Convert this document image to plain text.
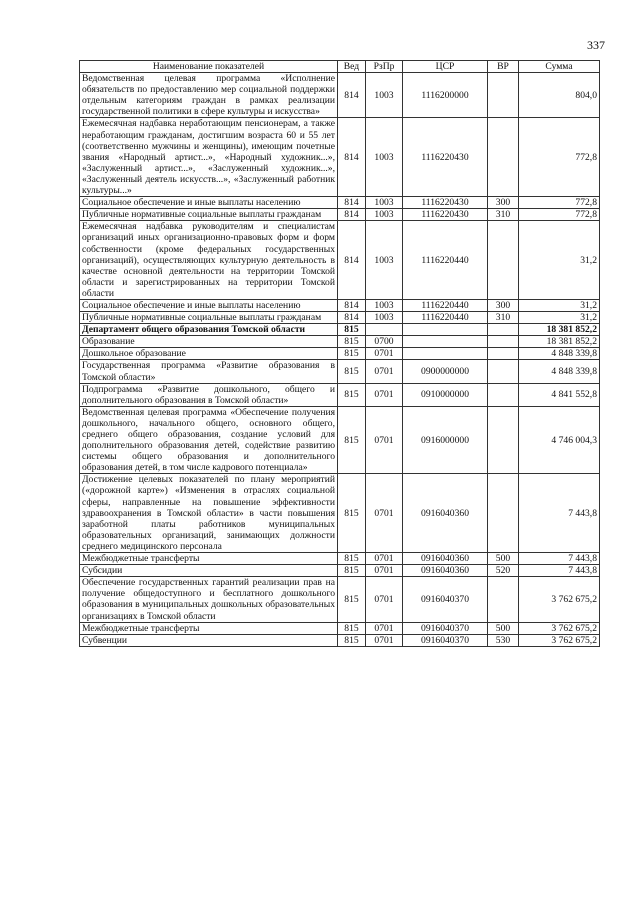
337
Наименование показателей	Вед	РзПр	ЦСР	ВР	Сумма
Ведомственная целевая программа «Исполнение обязательств по предоставлению мер социальной поддержки отдельным категориям граждан в рамках реализации государственной политики в сфере культуры и искусства»	814	1003	1116200000		804,0
Ежемесячная надбавка неработающим пенсионерам, а также неработающим гражданам, достигшим возраста 60 и 55 лет (соответственно мужчины и женщины), имеющим почетные звания «Народный артист...», «Народный художник...», «Заслуженный артист...», «Заслуженный художник...», «Заслуженный деятель искусств...», «Заслуженный работник культуры...»	814	1003	1116220430		772,8
Социальное обеспечение и иные выплаты населению	814	1003	1116220430	300	772,8
Публичные нормативные социальные выплаты гражданам	814	1003	1116220430	310	772,8
Ежемесячная надбавка руководителям и специалистам организаций иных организационно-правовых форм и форм собственности (кроме федеральных государственных организаций), осуществляющих культурную деятельность в качестве основной деятельности на территории Томской области и зарегистрированных на территории Томской области	814	1003	1116220440		31,2
Социальное обеспечение и иные выплаты населению	814	1003	1116220440	300	31,2
Публичные нормативные социальные выплаты гражданам	814	1003	1116220440	310	31,2
Департамент общего образования Томской области	815				18 381 852,2
Образование	815	0700			18 381 852,2
Дошкольное образование	815	0701			4 848 339,8
Государственная программа «Развитие образования в Томской области»	815	0701	0900000000		4 848 339,8
Подпрограмма «Развитие дошкольного, общего и дополнительного образования в Томской области»	815	0701	0910000000		4 841 552,8
Ведомственная целевая программа «Обеспечение получения дошкольного, начального общего, основного общего, среднего общего образования, создание условий для дополнительного образования детей, содействие развитию системы общего образования и дополнительного образования детей, в том числе кадрового потенциала»	815	0701	0916000000		4 746 004,3
Достижение целевых показателей по плану мероприятий («дорожной карте») «Изменения в отраслях социальной сферы, направленные на повышение эффективности здравоохранения в Томской области» в части повышения заработной платы работников муниципальных образовательных организаций, занимающих должности среднего медицинского персонала	815	0701	0916040360		7 443,8
Межбюджетные трансферты	815	0701	0916040360	500	7 443,8
Субсидии	815	0701	0916040360	520	7 443,8
Обеспечение государственных гарантий реализации прав на получение общедоступного и бесплатного дошкольного образования в муниципальных дошкольных образовательных организациях в Томской области	815	0701	0916040370		3 762 675,2
Межбюджетные трансферты	815	0701	0916040370	500	3 762 675,2
Субвенции	815	0701	0916040370	530	3 762 675,2
